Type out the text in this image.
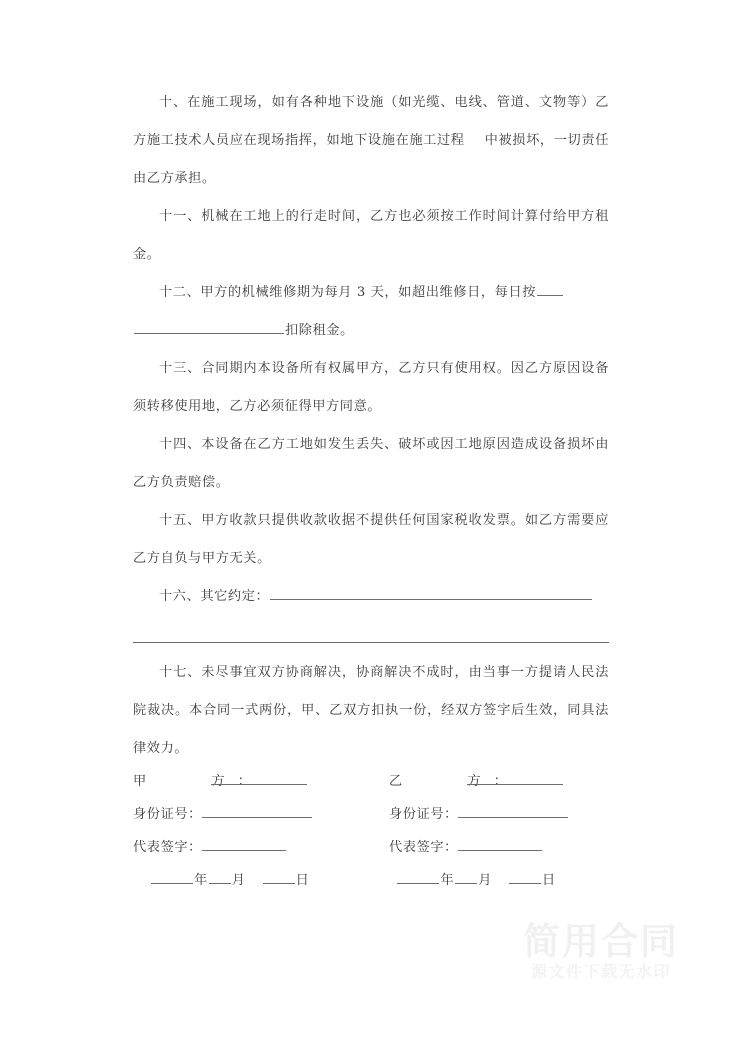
十、在施工现场，如有各种地下设施（如光缆、电线、管道、文物等）乙方施工技术人员应在现场指挥，如地下设施在施工过程 中被损坏，一切责任由乙方承担。

十一、机械在工地上的行走时间，乙方也必须按工作时间计算付给甲方租金。

十二、甲方的机械维修期为每月 3 天，如超出维修日，每日按
扣除租金。

十三、合同期内本设备所有权属甲方，乙方只有使用权。因乙方原因设备须转移使用地，乙方必须征得甲方同意。

十四、本设备在乙方工地如发生丢失、破坏或因工地原因造成设备损坏由乙方负责赔偿。

十五、甲方收款只提供收款收据不提供任何国家税收发票。如乙方需要应乙方自负与甲方无关。

十六、其它约定：

十七、未尽事宜双方协商解决，协商解决不成时，由当事一方提请人民法院裁决。本合同一式两份，甲、乙双方扣执一份，经双方签字后生效，同具法律效力。

甲　　方：	乙　　方：
身份证号：	身份证号：
代表签字：	代表签字：
年 月	日	年 月	日
简用合同
源文件下载无水印
